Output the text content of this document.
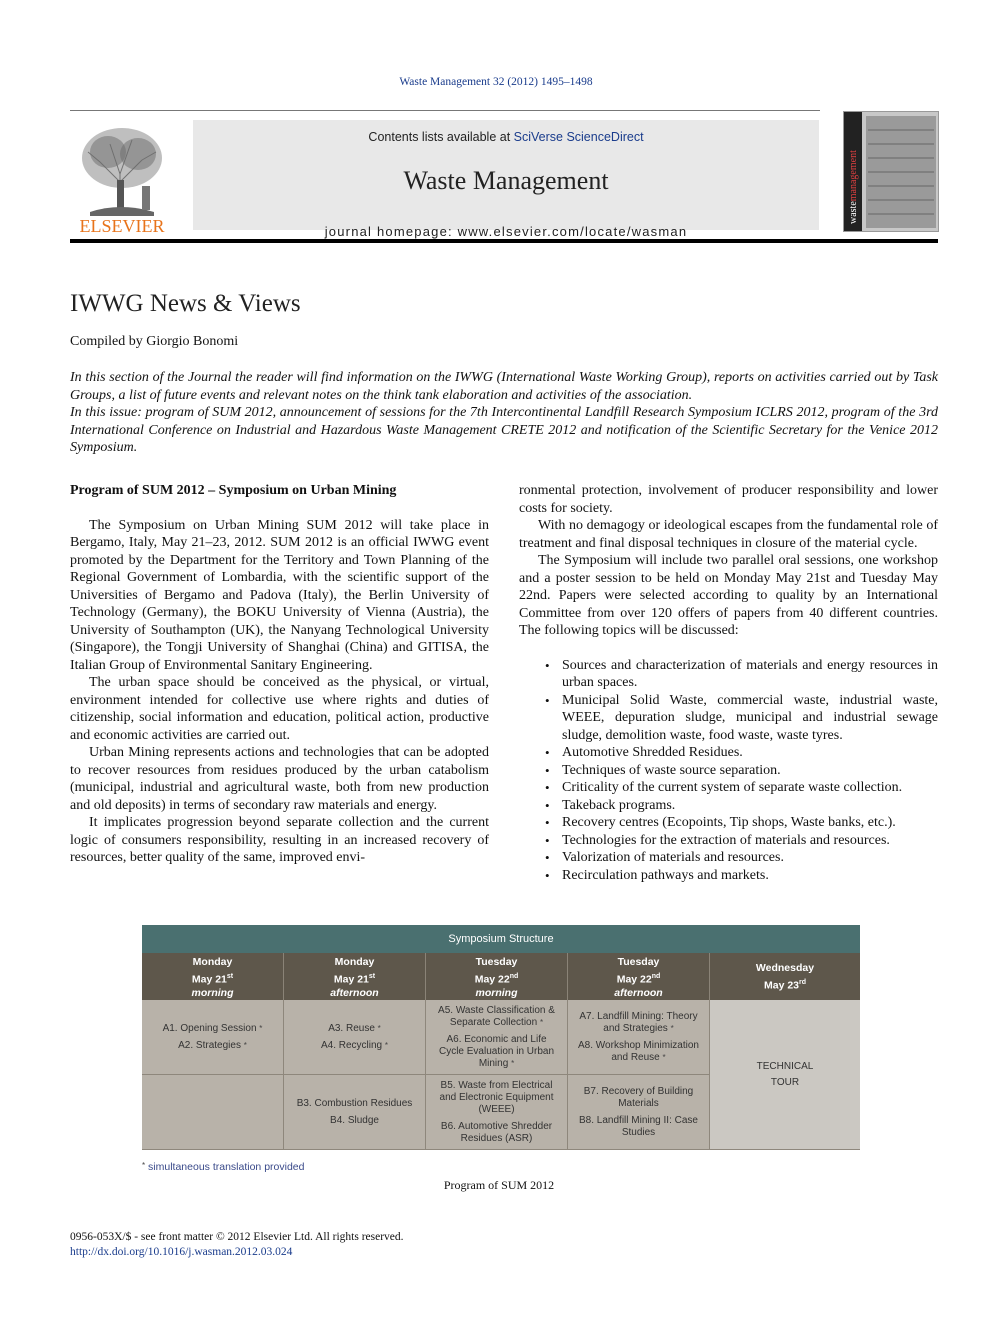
Waste Management 32 (2012) 1495–1498
ELSEVIER
Contents lists available at SciVerse ScienceDirect
Waste Management
journal homepage: www.elsevier.com/locate/wasman
wastemanagement
IWWG News & Views
Compiled by Giorgio Bonomi

In this section of the Journal the reader will find information on the IWWG (International Waste Working Group), reports on activities carried out by Task Groups, a list of future events and relevant notes on the think tank elaboration and activities of the association.

In this issue: program of SUM 2012, announcement of sessions for the 7th Intercontinental Landfill Research Symposium ICLRS 2012, program of the 3rd International Conference on Industrial and Hazardous Waste Management CRETE 2012 and notification of the Scientific Secretary for the Venice 2012 Symposium.

Program of SUM 2012 – Symposium on Urban Mining

The Symposium on Urban Mining SUM 2012 will take place in Bergamo, Italy, May 21–23, 2012. SUM 2012 is an official IWWG event promoted by the Department for the Territory and Town Planning of the Regional Government of Lombardia, with the scientific support of the Universities of Bergamo and Padova (Italy), the Berlin University of Technology (Germany), the BOKU University of Vienna (Austria), the University of Southampton (UK), the Nanyang Technological University (Singapore), the Tongji University of Shanghai (China) and GITISA, the Italian Group of Environmental Sanitary Engineering.

The urban space should be conceived as the physical, or virtual, environment intended for collective use where rights and duties of citizenship, social information and education, political action, productive and economic activities are carried out.

Urban Mining represents actions and technologies that can be adopted to recover resources from residues produced by the urban catabolism (municipal, industrial and agricultural waste, both from new production and old deposits) in terms of secondary raw materials and energy.

It implicates progression beyond separate collection and the current logic of consumers responsibility, resulting in an increased recovery of resources, better quality of the same, improved envi-

ronmental protection, involvement of producer responsibility and lower costs for society.

With no demagogy or ideological escapes from the fundamental role of treatment and final disposal techniques in closure of the material cycle.

The Symposium will include two parallel oral sessions, one workshop and a poster session to be held on Monday May 21st and Tuesday May 22nd. Papers were selected according to quality by an International Committee from over 120 offers of papers from 40 different countries. The following topics will be discussed:

• Sources and characterization of materials and energy resources in urban spaces.
• Municipal Solid Waste, commercial waste, industrial waste, WEEE, depuration sludge, municipal and industrial sewage sludge, demolition waste, food waste, waste tyres.
• Automotive Shredded Residues.
• Techniques of waste source separation.
• Criticality of the current system of separate waste collection.
• Takeback programs.
• Recovery centres (Ecopoints, Tip shops, Waste banks, etc.).
• Technologies for the extraction of materials and resources.
• Valorization of materials and resources.
• Recirculation pathways and markets.
Symposium Structure
Monday
May 21st
morning
Monday
May 21st
afternoon
Tuesday
May 22nd
morning
Tuesday
May 22nd
afternoon
Wednesday
May 23rd
A1. Opening Session *
A2. Strategies *
A3. Reuse *
A4. Recycling *
A5. Waste Classification & Separate Collection *
A6. Economic and Life Cycle Evaluation in Urban Mining *
A7. Landfill Mining: Theory and Strategies *
A8. Workshop Minimization and Reuse *
B3. Combustion Residues
B4. Sludge
B5. Waste from Electrical and Electronic Equipment (WEEE)
B6. Automotive Shredder Residues (ASR)
B7. Recovery of Building Materials
B8. Landfill Mining II: Case Studies
TECHNICAL
TOUR
* simultaneous translation provided
Program of SUM 2012
0956-053X/$ - see front matter © 2012 Elsevier Ltd. All rights reserved.
http://dx.doi.org/10.1016/j.wasman.2012.03.024
